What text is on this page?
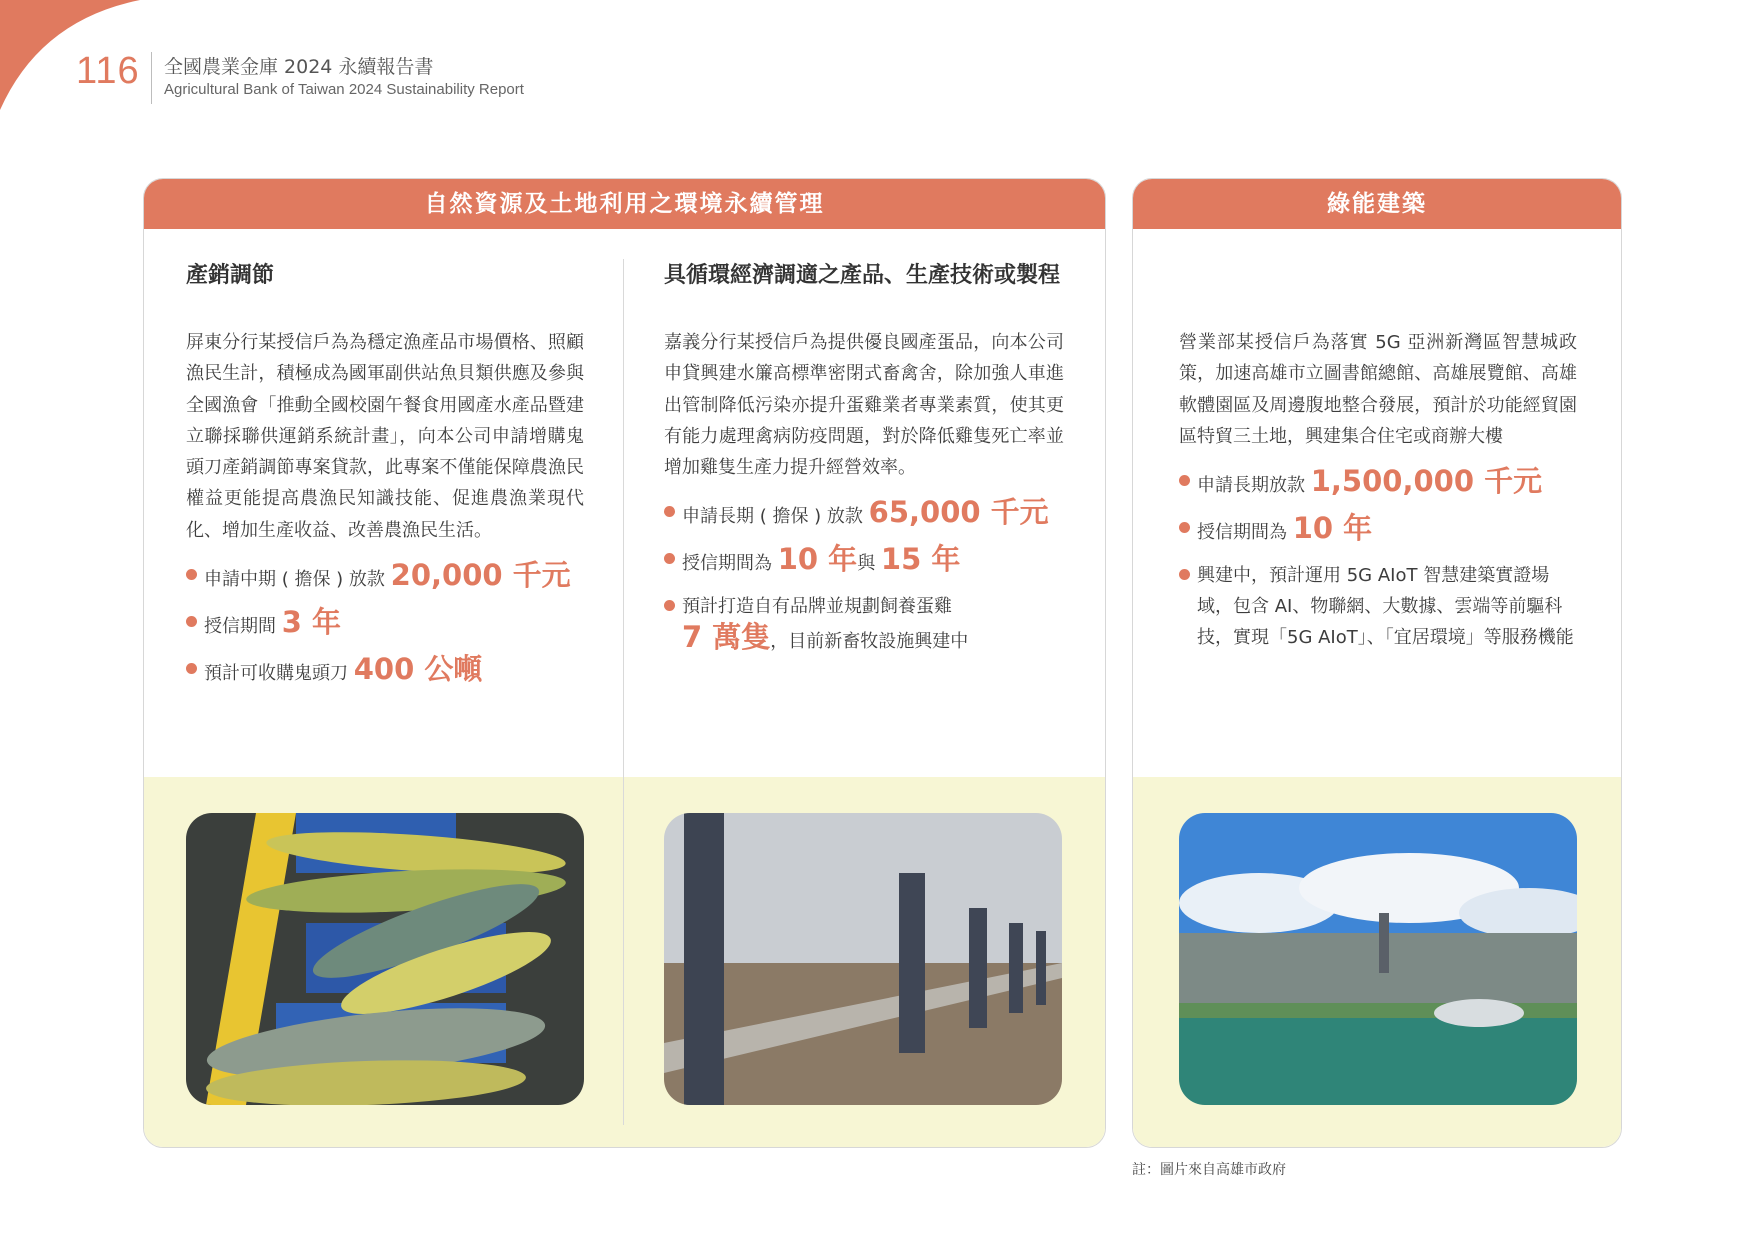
116 全國農業金庫 2024 永續報告書
Agricultural Bank of Taiwan 2024 Sustainability Report
自然資源及土地利用之環境永續管理
產銷調節
屏東分行某授信戶為為穩定漁產品市場價格、照顧漁民生計，積極成為國軍副供站魚貝類供應及參與全國漁會「推動全國校園午餐食用國產水產品暨建立聯採聯供運銷系統計畫」，向本公司申請增購鬼頭刀產銷調節專案貸款，此專案不僅能保障農漁民權益更能提高農漁民知識技能、促進農漁業現代化、增加生產收益、改善農漁民生活。
申請中期 ( 擔保 ) 放款 20,000 千元
授信期間 3 年
預計可收購鬼頭刀 400 公噸
具循環經濟調適之產品、生產技術或製程
嘉義分行某授信戶為提供優良國產蛋品，向本公司申貸興建水簾高標準密閉式畜禽舍，除加強人車進出管制降低污染亦提升蛋雞業者專業素質，使其更有能力處理禽病防疫問題，對於降低雞隻死亡率並增加雞隻生產力提升經營效率。
申請長期 ( 擔保 ) 放款 65,000 千元
授信期間為 10 年與 15 年
預計打造自有品牌並規劃飼養蛋雞
7 萬隻，目前新畜牧設施興建中
綠能建築
營業部某授信戶為落實 5G 亞洲新灣區智慧城政策，加速高雄市立圖書館總館、高雄展覽館、高雄軟體園區及周邊腹地整合發展，預計於功能經貿園區特貿三土地，興建集合住宅或商辦大樓
申請長期放款 1,500,000 千元
授信期間為 10 年
興建中，預計運用 5G AIoT 智慧建築實證場域，包含 AI、物聯網、大數據、雲端等前驅科技，實現「5G AIoT」、「宜居環境」等服務機能
註：圖片來自高雄市政府
